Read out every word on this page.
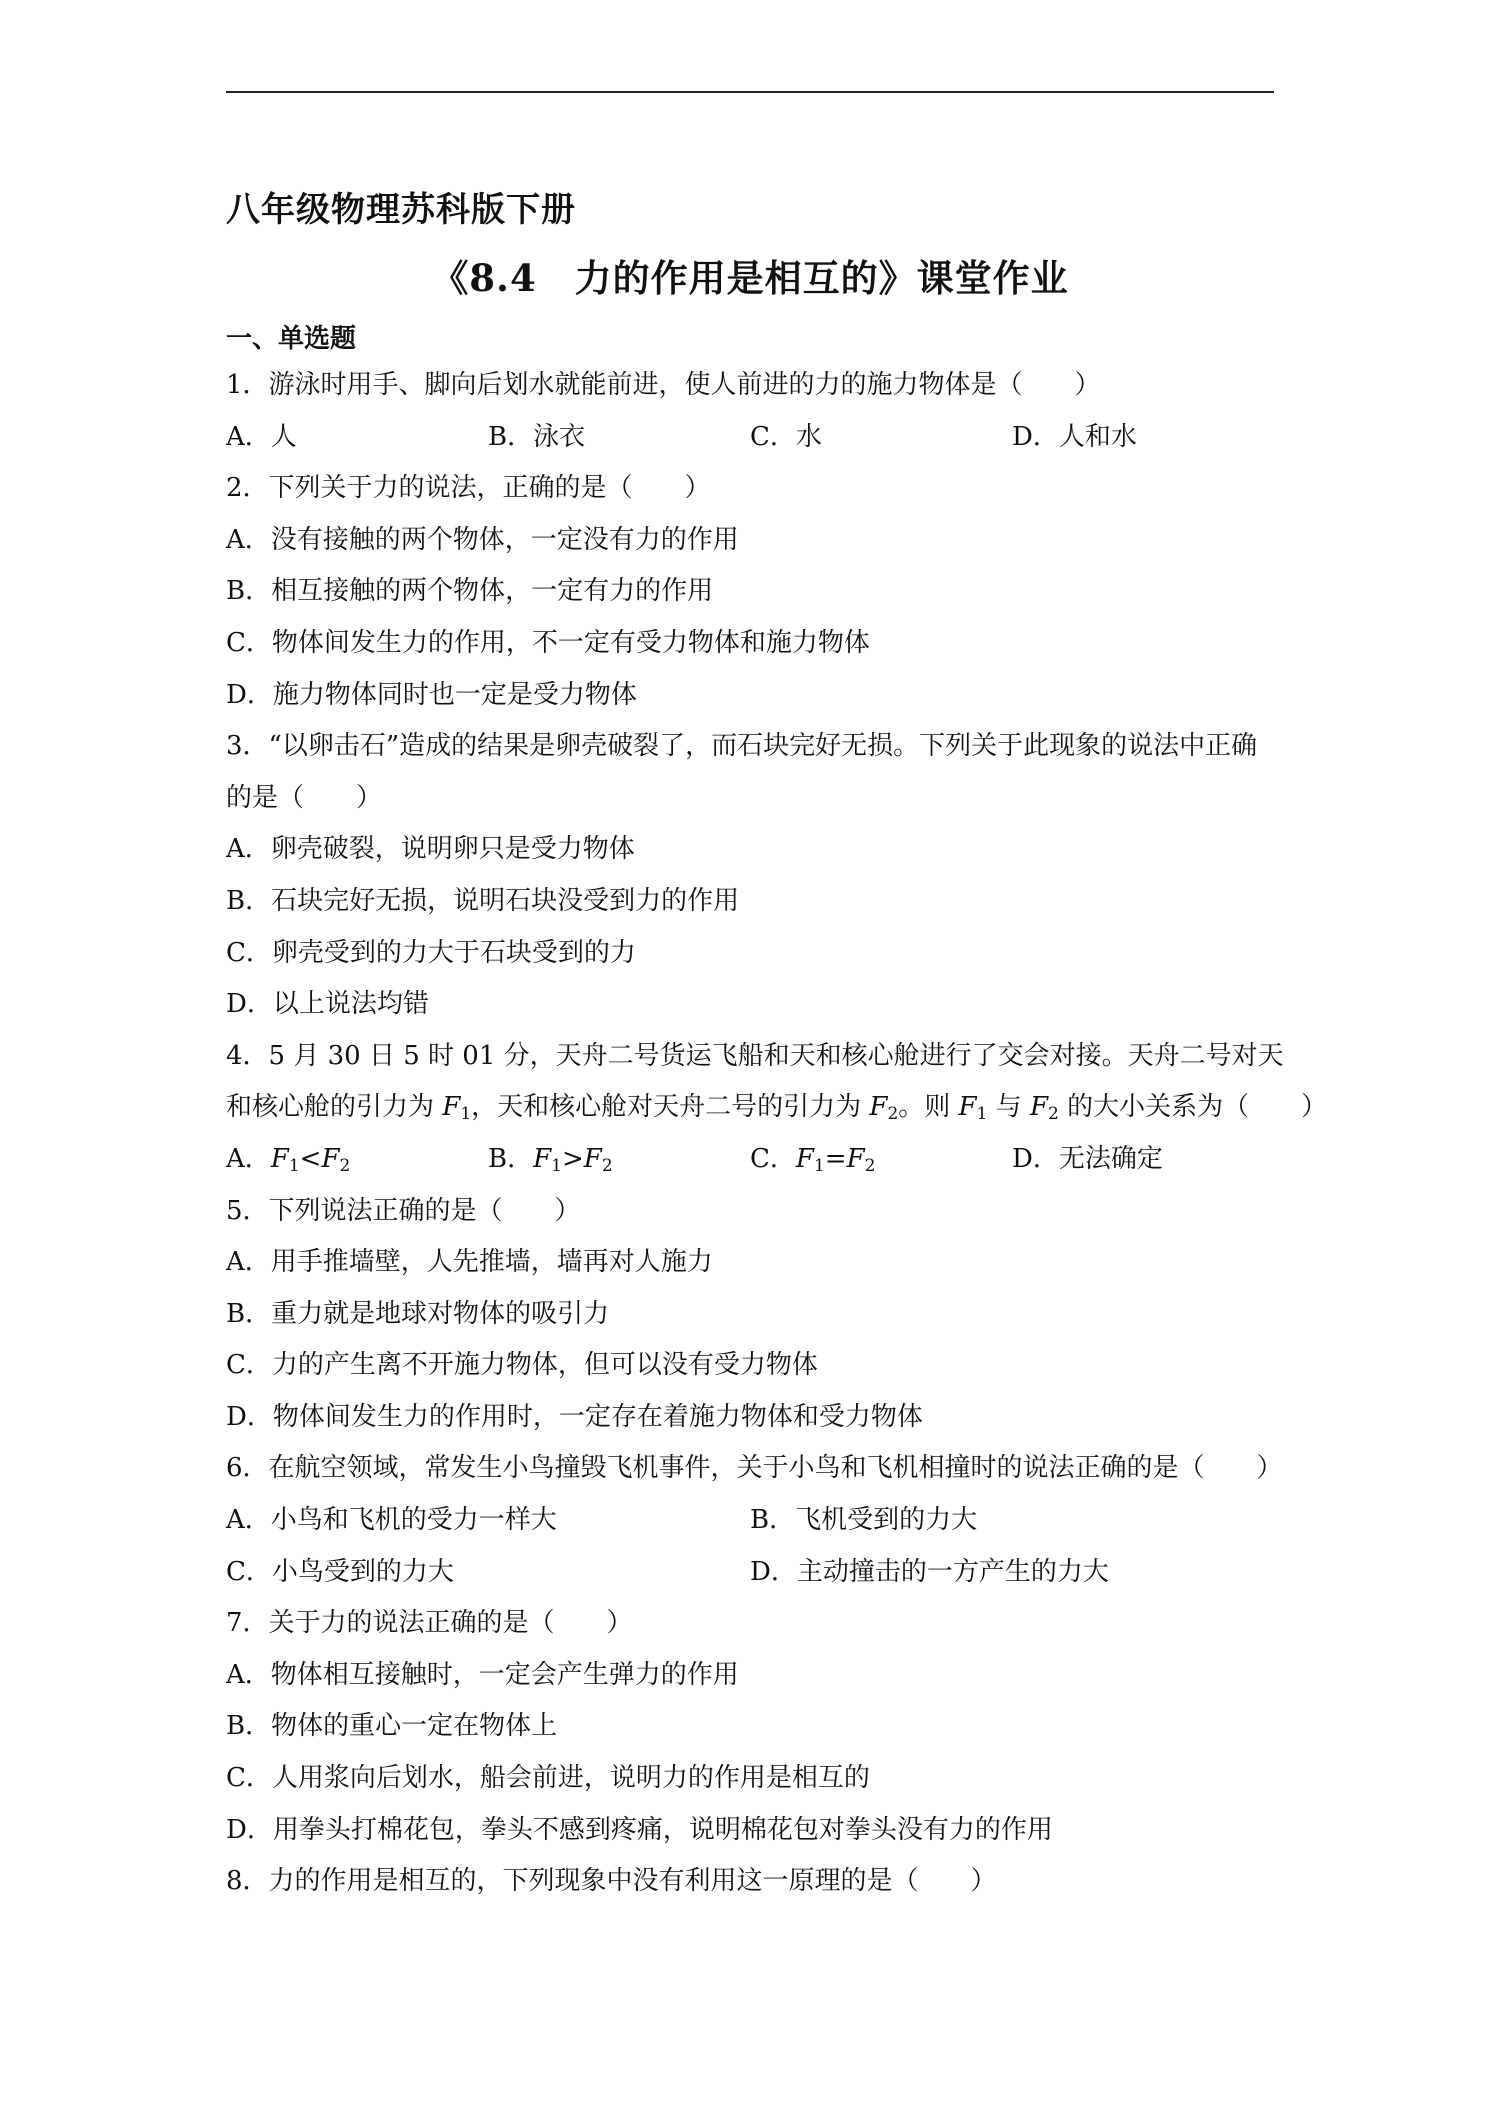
八年级物理苏科版下册
《8.4　力的作用是相互的》课堂作业
一、单选题
1．游泳时用手、脚向后划水就能前进，使人前进的力的施力物体是（　　）
A．人	B．泳衣	C．水	D．人和水
2．下列关于力的说法，正确的是（　　）
A．没有接触的两个物体，一定没有力的作用
B．相互接触的两个物体，一定有力的作用
C．物体间发生力的作用，不一定有受力物体和施力物体
D．施力物体同时也一定是受力物体
3．“以卵击石”造成的结果是卵壳破裂了，而石块完好无损。下列关于此现象的说法中正确
的是（　　）
A．卵壳破裂，说明卵只是受力物体
B．石块完好无损，说明石块没受到力的作用
C．卵壳受到的力大于石块受到的力
D．以上说法均错
4．5 月 30 日 5 时 01 分，天舟二号货运飞船和天和核心舱进行了交会对接。天舟二号对天
和核心舱的引力为 $F_1$，天和核心舱对天舟二号的引力为 $F_2$。则 $F_1$ 与 $F_2$ 的大小关系为（　　）
A．$F_1<F_2$	B．$F_1>F_2$	C．$F_1=F_2$	D．无法确定
5．下列说法正确的是（　　）
A．用手推墙壁，人先推墙，墙再对人施力
B．重力就是地球对物体的吸引力
C．力的产生离不开施力物体，但可以没有受力物体
D．物体间发生力的作用时，一定存在着施力物体和受力物体
6．在航空领域，常发生小鸟撞毁飞机事件，关于小鸟和飞机相撞时的说法正确的是（　　）
A．小鸟和飞机的受力一样大	B．飞机受到的力大
C．小鸟受到的力大	D．主动撞击的一方产生的力大
7．关于力的说法正确的是（　　）
A．物体相互接触时，一定会产生弹力的作用
B．物体的重心一定在物体上
C．人用浆向后划水，船会前进，说明力的作用是相互的
D．用拳头打棉花包，拳头不感到疼痛，说明棉花包对拳头没有力的作用
8．力的作用是相互的，下列现象中没有利用这一原理的是（　　）
